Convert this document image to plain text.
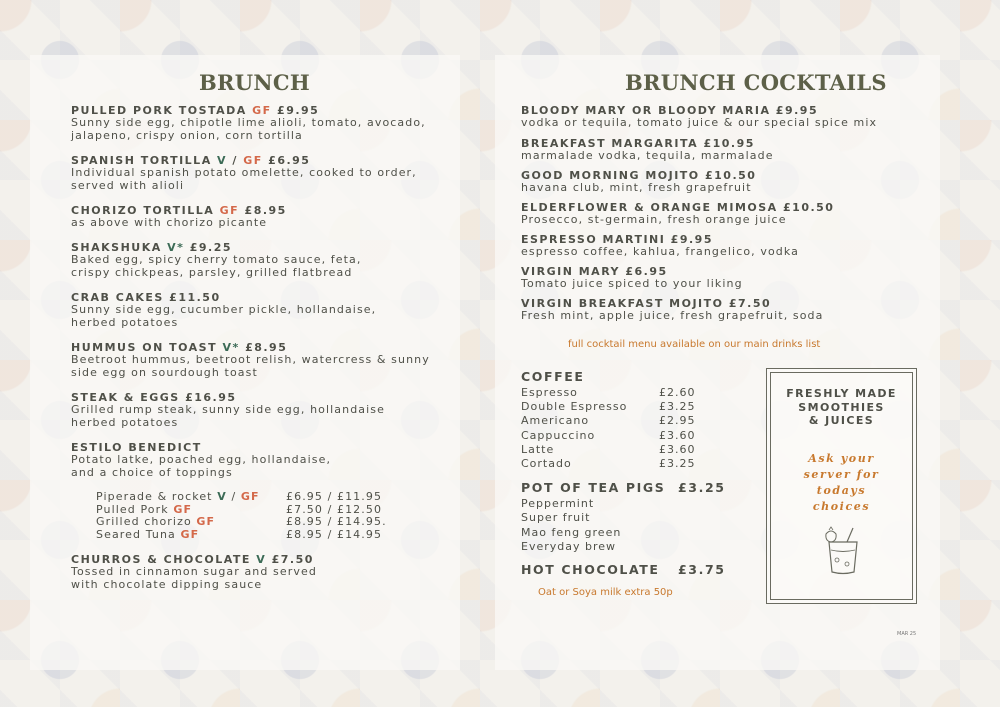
BRUNCH
PULLED PORK TOSTADA GF £9.95
Sunny side egg, chipotle lime alioli, tomato, avocado,
jalapeno, crispy onion, corn tortilla
SPANISH TORTILLA V / GF £6.95
Individual spanish potato omelette, cooked to order,
served with alioli
CHORIZO TORTILLA GF £8.95
as above with chorizo picante
SHAKSHUKA V* £9.25
Baked egg, spicy cherry tomato sauce, feta,
crispy chickpeas, parsley, grilled flatbread
CRAB CAKES £11.50
Sunny side egg, cucumber pickle, hollandaise,
herbed potatoes
HUMMUS ON TOAST V* £8.95
Beetroot hummus, beetroot relish, watercress & sunny
side egg on sourdough toast
STEAK & EGGS £16.95
Grilled rump steak, sunny side egg, hollandaise
herbed potatoes
ESTILO BENEDICT
Potato latke, poached egg, hollandaise,
and a choice of toppings
Piperade & rocket V / GF £6.95 / £11.95
Pulled Pork GF	£7.50 / £12.50
Grilled chorizo GF	£8.95 / £14.95.
Seared Tuna GF	£8.95 / £14.95
CHURROS & CHOCOLATE V £7.50
Tossed in cinnamon sugar and served
with chocolate dipping sauce
BRUNCH COCKTAILS
BLOODY MARY OR BLOODY MARIA £9.95
vodka or tequila, tomato juice & our special spice mix
BREAKFAST MARGARITA £10.95
marmalade vodka, tequila, marmalade
GOOD MORNING MOJITO £10.50
havana club, mint, fresh grapefruit
ELDERFLOWER & ORANGE MIMOSA £10.50
Prosecco, st-germain, fresh orange juice
ESPRESSO MARTINI £9.95
espresso coffee, kahlua, frangelico, vodka
VIRGIN MARY £6.95
Tomato juice spiced to your liking
VIRGIN BREAKFAST MOJITO £7.50
Fresh mint, apple juice, fresh grapefruit, soda
full cocktail menu available on our main drinks list
COFFEE
Espresso	£2.60
Double Espresso	£3.25
Americano	£2.95
Cappuccino	£3.60
Latte	£3.60
Cortado	£3.25
POT OF TEA PIGS £3.25
Peppermint
Super fruit
Mao feng green
Everyday brew
HOT CHOCOLATE £3.75
Oat or Soya milk extra 50p
FRESHLY MADE
SMOOTHIES
& JUICES
Ask your
server for
todays
choices
MAR 25
